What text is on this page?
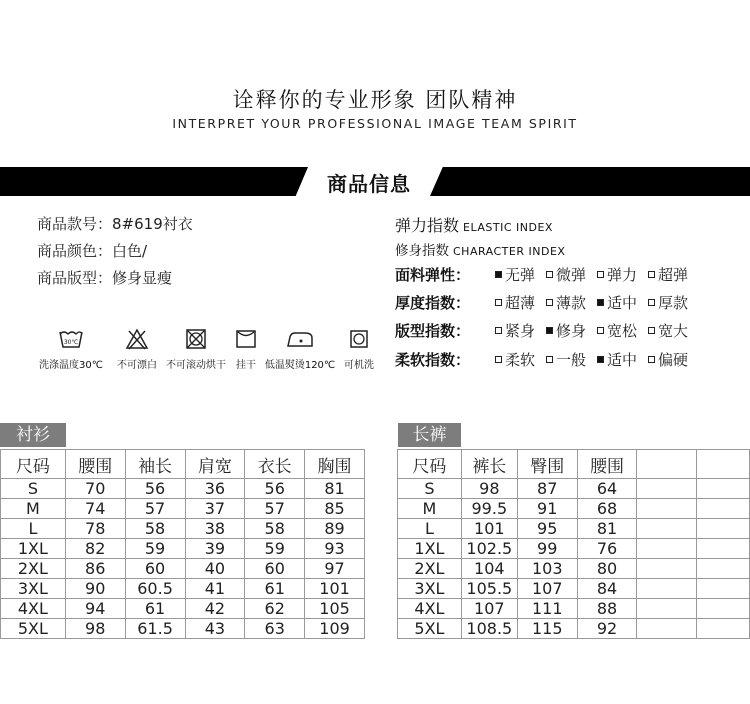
诠释你的专业形象 团队精神
INTERPRET YOUR PROFESSIONAL IMAGE TEAM SPIRIT
商品信息
商品款号：8#619衬衣
商品颜色：白色/
商品版型：修身显瘦
弹力指数 ELASTIC INDEX
修身指数 CHARACTER INDEX
面料弹性：	无弹 微弹 弹力 超弹
厚度指数：	超薄 薄款 适中 厚款
版型指数：	紧身 修身 宽松 宽大
柔软指数：	柔软 一般 适中 偏硬
30℃
洗涤温度30℃	不可漂白 不可滚动烘干	挂干 低温熨烫120℃ 可机洗
衬衫
尺码	腰围	袖长	肩宽	衣长	胸围
S	70	56	36	56	81
M	74	57	37	57	85
L	78	58	38	58	89
1XL	82	59	39	59	93
2XL	86	60	40	60	97
3XL	90	60.5	41	61	101
4XL	94	61	42	62	105
5XL	98	61.5	43	63	109
长裤
尺码	裤长	臀围	腰围		
S	98	87	64		
M	99.5	91	68		
L	101	95	81		
1XL	102.5	99	76		
2XL	104	103	80		
3XL	105.5	107	84		
4XL	107	111	88		
5XL	108.5	115	92		
